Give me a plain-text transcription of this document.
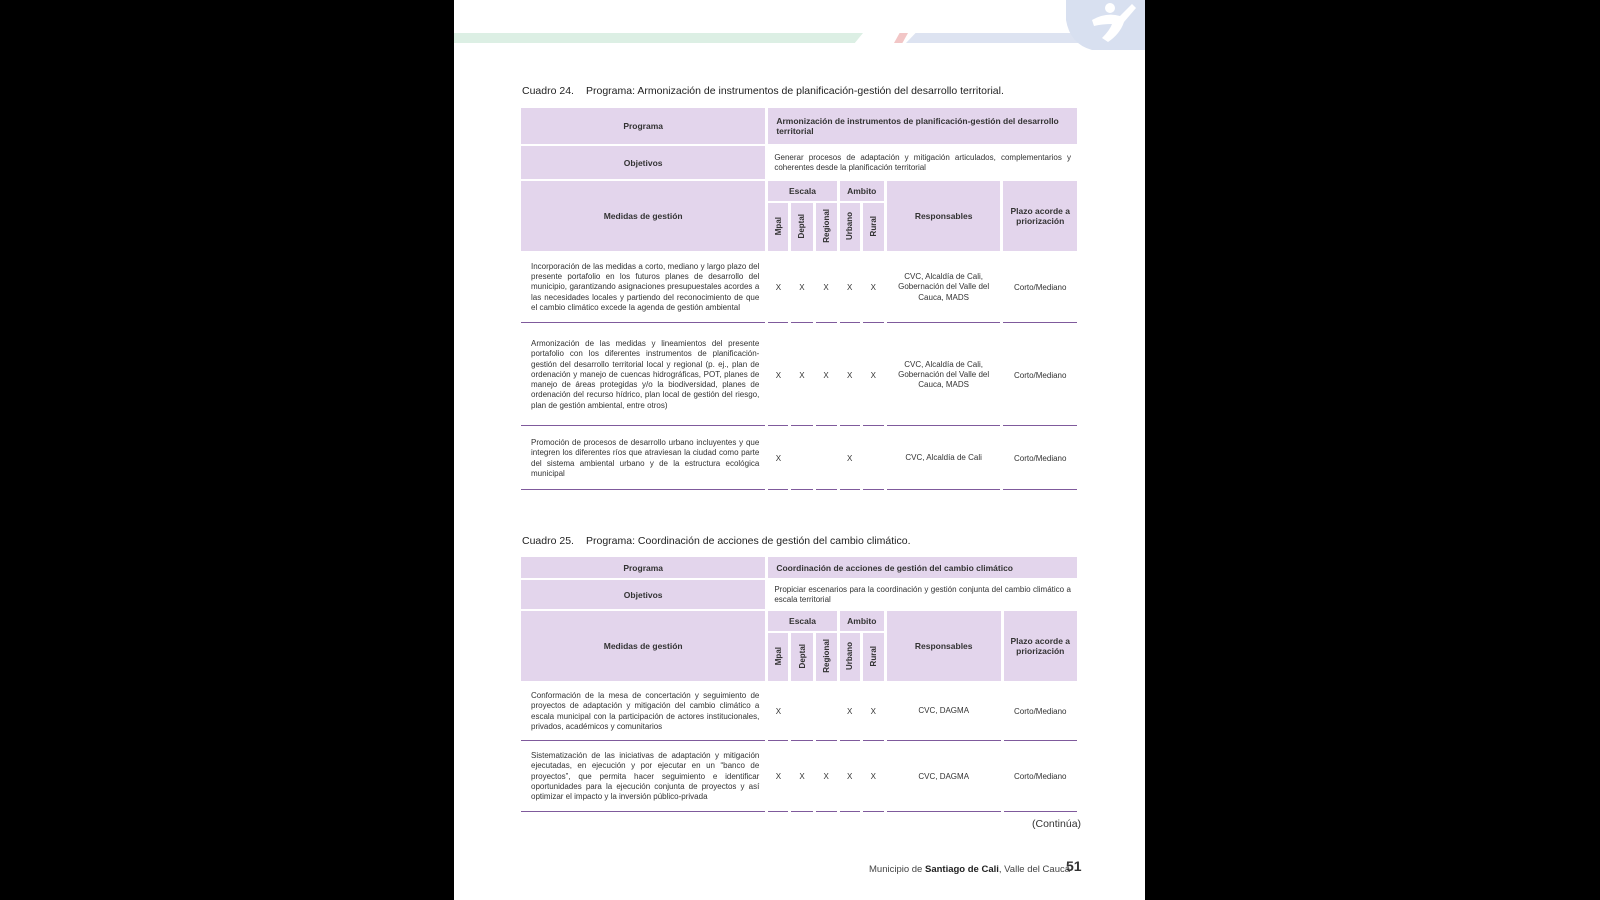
Cuadro 24. Programa: Armonización de instrumentos de planificación-gestión del desarrollo territorial.
Programa	Armonización de instrumentos de planificación-gestión del desarrollo territorial						
Objetivos	Generar procesos de adaptación y mitigación articulados, complementarios y coherentes desde la planificación territorial						
Medidas de gestión	Escala			Ambito		Responsables	Plazo acorde a priorización
	Mpal	Deptal	Regional	Urbano	Rural		
Incorporación de las medidas a corto, mediano y largo plazo del presente portafolio en los futuros planes de desarrollo del municipio, garantizando asignaciones presupuestales acordes a las necesidades locales y partiendo del reconocimiento de que el cambio climático excede la agenda de gestión ambiental	X	X	X	X	X	CVC, Alcaldía de Cali, Gobernación del Valle del Cauca, MADS	Corto/Mediano
Armonización de las medidas y lineamientos del presente portafolio con los diferentes instrumentos de planificación-gestión del desarrollo territorial local y regional (p. ej., plan de ordenación y manejo de cuencas hidrográficas, POT, planes de manejo de áreas protegidas y/o la biodiversidad, planes de ordenación del recurso hídrico, plan local de gestión del riesgo, plan de gestión ambiental, entre otros)	X	X	X	X	X	CVC, Alcaldía de Cali, Gobernación del Valle del Cauca, MADS	Corto/Mediano
Promoción de procesos de desarrollo urbano incluyentes y que integren los diferentes ríos que atraviesan la ciudad como parte del sistema ambiental urbano y de la estructura ecológica municipal	X			X		CVC, Alcaldía de Cali	Corto/Mediano
Cuadro 25. Programa: Coordinación de acciones de gestión del cambio climático.
Programa	Coordinación de acciones de gestión del cambio climático						
Objetivos	Propiciar escenarios para la coordinación y gestión conjunta del cambio climático a escala territorial						
Medidas de gestión	Escala			Ambito		Responsables	Plazo acorde a priorización
	Mpal	Deptal	Regional	Urbano	Rural		
Conformación de la mesa de concertación y seguimiento de proyectos de adaptación y mitigación del cambio climático a escala municipal con la participación de actores institucionales, privados, académicos y comunitarios	X			X	X	CVC, DAGMA	Corto/Mediano
Sistematización de las iniciativas de adaptación y mitigación ejecutadas, en ejecución y por ejecutar en un “banco de proyectos”, que permita hacer seguimiento e identificar oportunidades para la ejecución conjunta de proyectos y así optimizar el impacto y la inversión público-privada	X	X	X	X	X	CVC, DAGMA	Corto/Mediano
(Continúa)
Municipio de Santiago de Cali, Valle del Cauca
51
